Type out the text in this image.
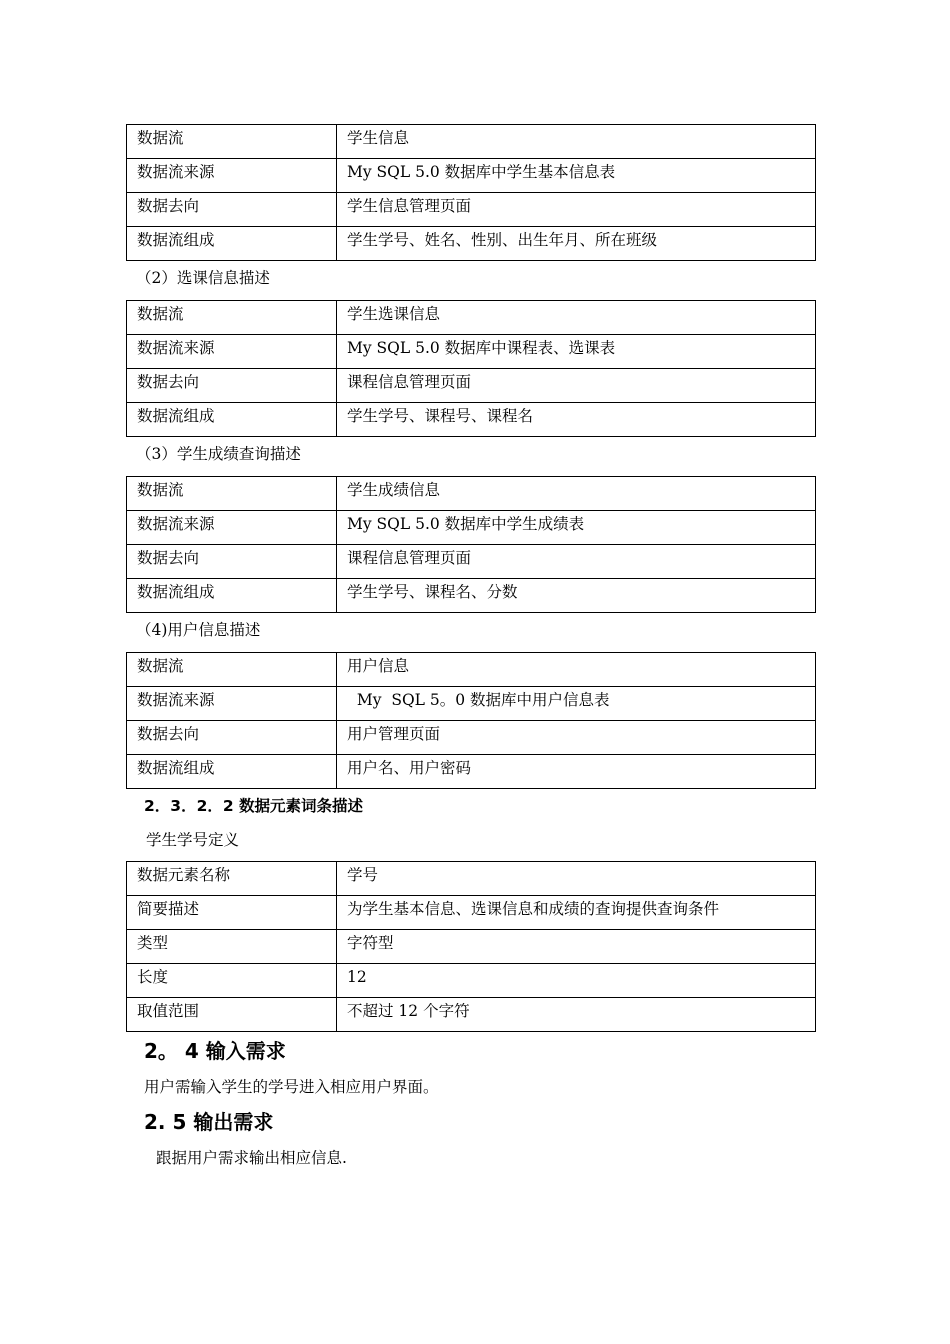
数据流	学生信息
数据流来源	My SQL 5.0 数据库中学生基本信息表
数据去向	学生信息管理页面
数据流组成	学生学号、姓名、性别、出生年月、所在班级
（2）选课信息描述
数据流	学生选课信息
数据流来源	My SQL 5.0 数据库中课程表、选课表
数据去向	课程信息管理页面
数据流组成	学生学号、课程号、课程名
（3）学生成绩查询描述
数据流	学生成绩信息
数据流来源	My SQL 5.0 数据库中学生成绩表
数据去向	课程信息管理页面
数据流组成	学生学号、课程名、分数
（4)用户信息描述
数据流	用户信息
数据流来源	My  SQL 5。0 数据库中用户信息表
数据去向	用户管理页面
数据流组成	用户名、用户密码
2．3．2．2 数据元素词条描述
学生学号定义
数据元素名称	学号
简要描述	为学生基本信息、选课信息和成绩的查询提供查询条件
类型	字符型
长度	12
取值范围	不超过 12 个字符
2。 4 输入需求
用户需输入学生的学号进入相应用户界面。
2. 5 输出需求
跟据用户需求输出相应信息.
